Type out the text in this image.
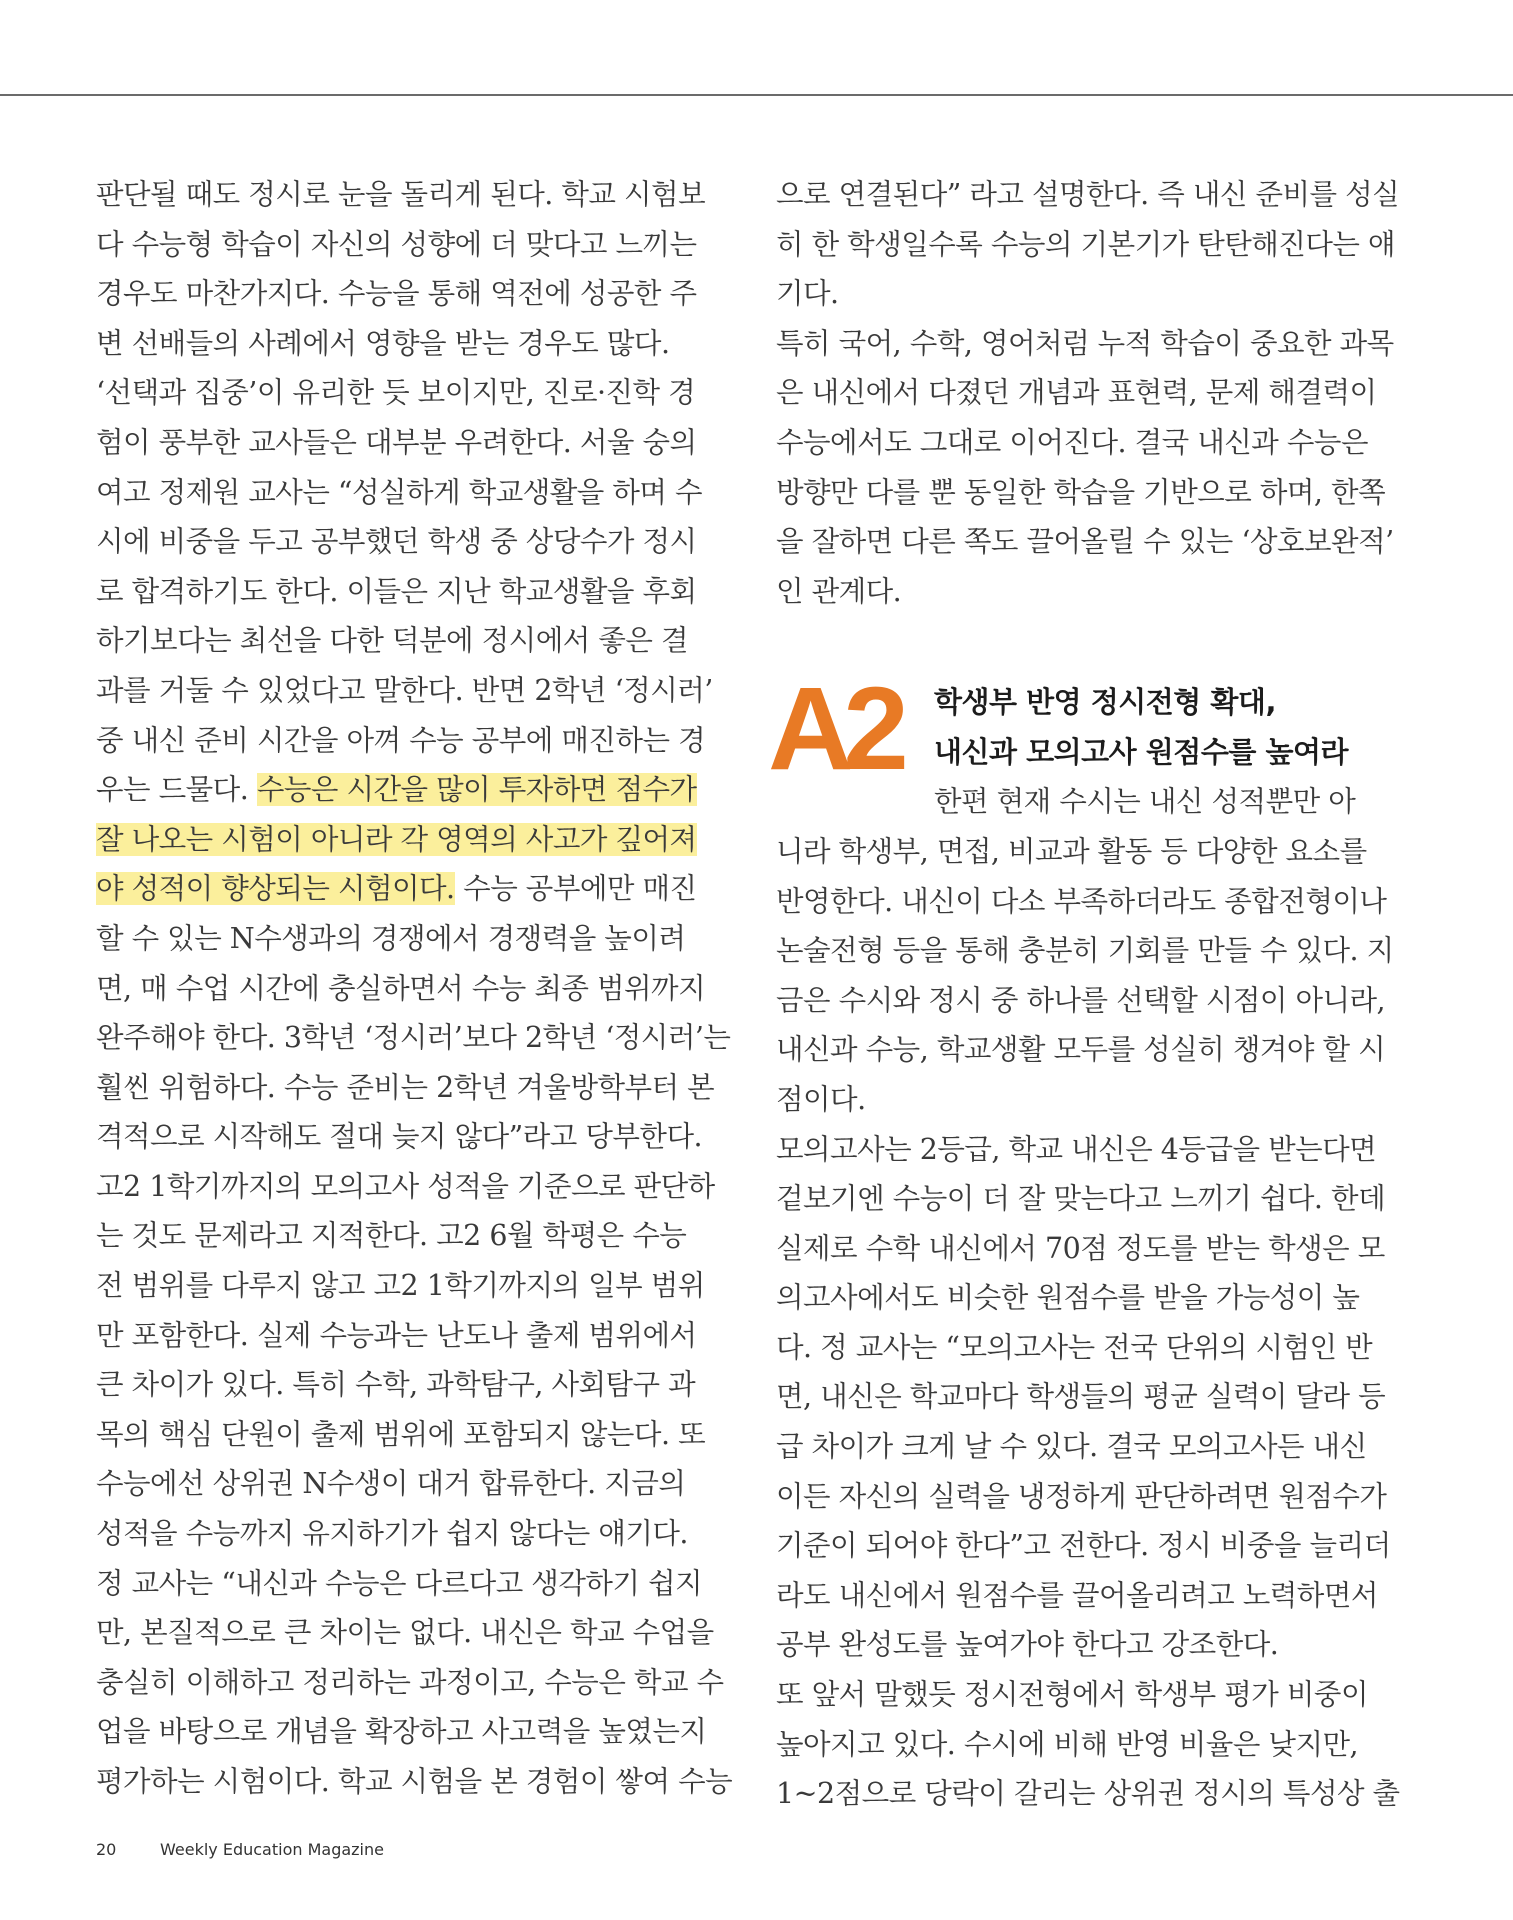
판단될 때도 정시로 눈을 돌리게 된다. 학교 시험보
다 수능형 학습이 자신의 성향에 더 맞다고 느끼는
경우도 마찬가지다. 수능을 통해 역전에 성공한 주
변 선배들의 사례에서 영향을 받는 경우도 많다.
‘선택과 집중’이 유리한 듯 보이지만, 진로·진학 경
험이 풍부한 교사들은 대부분 우려한다. 서울 숭의
여고 정제원 교사는 “성실하게 학교생활을 하며 수
시에 비중을 두고 공부했던 학생 중 상당수가 정시
로 합격하기도 한다. 이들은 지난 학교생활을 후회
하기보다는 최선을 다한 덕분에 정시에서 좋은 결
과를 거둘 수 있었다고 말한다. 반면 2학년 ‘정시러’
중 내신 준비 시간을 아껴 수능 공부에 매진하는 경
우는 드물다. 수능은 시간을 많이 투자하면 점수가
잘 나오는 시험이 아니라 각 영역의 사고가 깊어져
야 성적이 향상되는 시험이다. 수능 공부에만 매진
할 수 있는 N수생과의 경쟁에서 경쟁력을 높이려
면, 매 수업 시간에 충실하면서 수능 최종 범위까지
완주해야 한다. 3학년 ‘정시러’보다 2학년 ‘정시러’는
훨씬 위험하다. 수능 준비는 2학년 겨울방학부터 본
격적으로 시작해도 절대 늦지 않다”라고 당부한다.
고2 1학기까지의 모의고사 성적을 기준으로 판단하
는 것도 문제라고 지적한다. 고2 6월 학평은 수능
전 범위를 다루지 않고 고2 1학기까지의 일부 범위
만 포함한다. 실제 수능과는 난도나 출제 범위에서
큰 차이가 있다. 특히 수학, 과학탐구, 사회탐구 과
목의 핵심 단원이 출제 범위에 포함되지 않는다. 또
수능에선 상위권 N수생이 대거 합류한다. 지금의
성적을 수능까지 유지하기가 쉽지 않다는 얘기다.
정 교사는 “내신과 수능은 다르다고 생각하기 쉽지
만, 본질적으로 큰 차이는 없다. 내신은 학교 수업을
충실히 이해하고 정리하는 과정이고, 수능은 학교 수
업을 바탕으로 개념을 확장하고 사고력을 높였는지
평가하는 시험이다. 학교 시험을 본 경험이 쌓여 수능
으로 연결된다” 라고 설명한다. 즉 내신 준비를 성실
히 한 학생일수록 수능의 기본기가 탄탄해진다는 얘
기다.
특히 국어, 수학, 영어처럼 누적 학습이 중요한 과목
은 내신에서 다졌던 개념과 표현력, 문제 해결력이
수능에서도 그대로 이어진다. 결국 내신과 수능은
방향만 다를 뿐 동일한 학습을 기반으로 하며, 한쪽
을 잘하면 다른 쪽도 끌어올릴 수 있는 ‘상호보완적’
인 관계다.
A2 학생부 반영 정시전형 확대,
내신과 모의고사 원점수를 높여라
한편 현재 수시는 내신 성적뿐만 아
니라 학생부, 면접, 비교과 활동 등 다양한 요소를
반영한다. 내신이 다소 부족하더라도 종합전형이나
논술전형 등을 통해 충분히 기회를 만들 수 있다. 지
금은 수시와 정시 중 하나를 선택할 시점이 아니라,
내신과 수능, 학교생활 모두를 성실히 챙겨야 할 시
점이다.
모의고사는 2등급, 학교 내신은 4등급을 받는다면
겉보기엔 수능이 더 잘 맞는다고 느끼기 쉽다. 한데
실제로 수학 내신에서 70점 정도를 받는 학생은 모
의고사에서도 비슷한 원점수를 받을 가능성이 높
다. 정 교사는 “모의고사는 전국 단위의 시험인 반
면, 내신은 학교마다 학생들의 평균 실력이 달라 등
급 차이가 크게 날 수 있다. 결국 모의고사든 내신
이든 자신의 실력을 냉정하게 판단하려면 원점수가
기준이 되어야 한다”고 전한다. 정시 비중을 늘리더
라도 내신에서 원점수를 끌어올리려고 노력하면서
공부 완성도를 높여가야 한다고 강조한다.
또 앞서 말했듯 정시전형에서 학생부 평가 비중이
높아지고 있다. 수시에 비해 반영 비율은 낮지만,
1~2점으로 당락이 갈리는 상위권 정시의 특성상 출
20	Weekly Education Magazine
